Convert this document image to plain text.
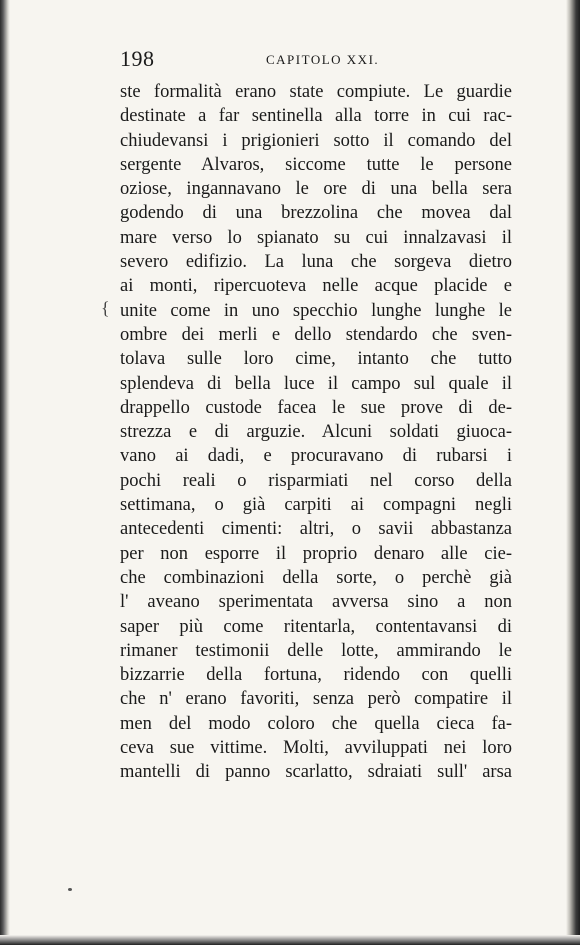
198	CAPITOLO XXI.
{
ste formalità erano state compiute. Le guardie
destinate a far sentinella alla torre in cui rac-
chiudevansi i prigionieri sotto il comando del
sergente Alvaros, siccome tutte le persone
oziose, ingannavano le ore di una bella sera
godendo di una brezzolina che movea dal
mare verso lo spianato su cui innalzavasi il
severo edifizio. La luna che sorgeva dietro
ai monti, ripercuoteva nelle acque placide e
unite come in uno specchio lunghe lunghe le
ombre dei merli e dello stendardo che sven-
tolava sulle loro cime, intanto che tutto
splendeva di bella luce il campo sul quale il
drappello custode facea le sue prove di de-
strezza e di arguzie. Alcuni soldati giuoca-
vano ai dadi, e procuravano di rubarsi i
pochi reali o risparmiati nel corso della
settimana, o già carpiti ai compagni negli
antecedenti cimenti: altri, o savii abbastanza
per non esporre il proprio denaro alle cie-
che combinazioni della sorte, o perchè già
l' aveano sperimentata avversa sino a non
saper più come ritentarla, contentavansi di
rimaner testimonii delle lotte, ammirando le
bizzarrie della fortuna, ridendo con quelli
che n' erano favoriti, senza però compatire il
men del modo coloro che quella cieca fa-
ceva sue vittime. Molti, avviluppati nei loro
mantelli di panno scarlatto, sdraiati sull' arsa
